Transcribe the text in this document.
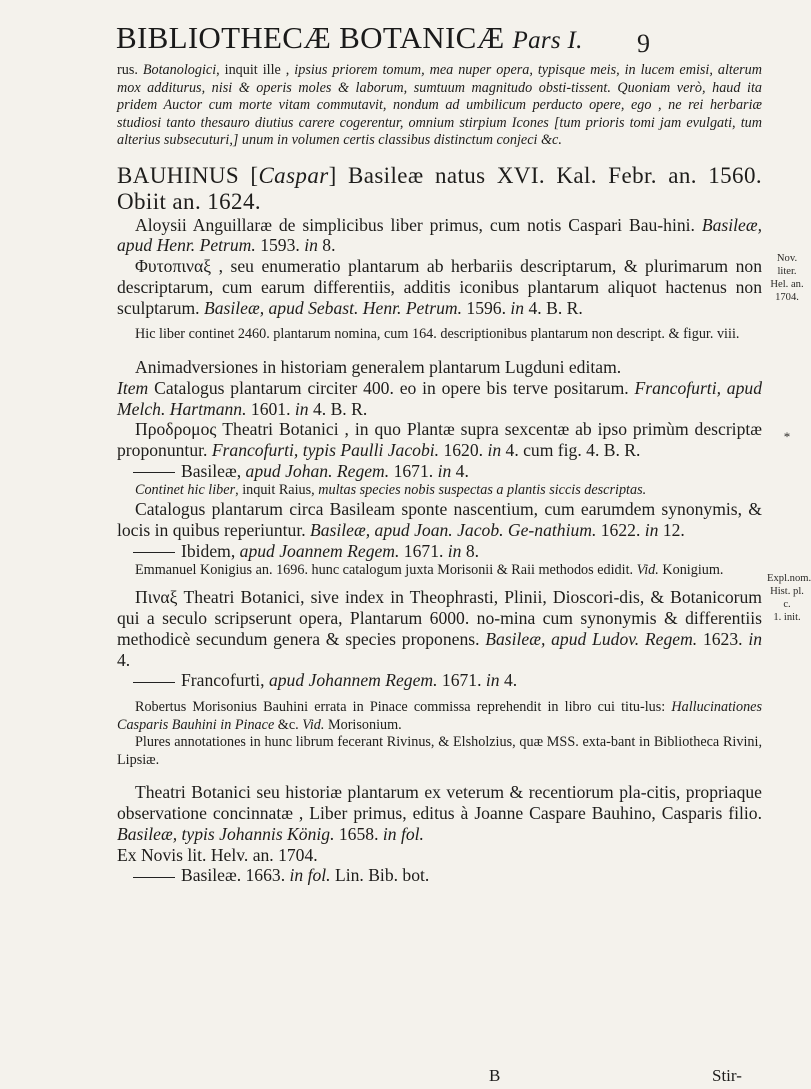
BIBLIOTHECÆ BOTANICÆ Pars I. 9

rus. Botanologici, inquit ille , ipsius priorem tomum, mea nuper opera, typisque meis, in lucem emisi, alterum mox additurus, nisi & operis moles & laborum, sumtuum magnitudo obsti-tissent. Quoniam verò, haud ita pridem Auctor cum morte vitam commutavit, nondum ad umbilicum perducto opere, ego , ne rei herbariæ studiosi tanto thesauro diutius carere cogerentur, omnium stirpium Icones [tum prioris tomi jam evulgati, tum alterius subsecuturi,] unum in volumen certis classibus distinctum conjeci &c.

BAUHINUS [Caspar] Basileæ natus XVI. Kal. Febr. an. 1560. Obiit an. 1624.

Aloysii Anguillaræ de simplicibus liber primus, cum notis Caspari Bau-hini. Basileæ, apud Henr. Petrum. 1593. in 8.

Φυτοπιναξ , seu enumeratio plantarum ab herbariis descriptarum, & plurimarum non descriptarum, cum earum differentiis, additis iconibus plantarum aliquot hactenus non sculptarum. Basileæ, apud Sebast. Henr. Petrum. 1596. in 4. B. R.

Hic liber continet 2460. plantarum nomina, cum 164. descriptionibus plantarum non descript. & figur. viii.

Animadversiones in historiam generalem plantarum Lugduni editam.

Item Catalogus plantarum circiter 400. eo in opere bis terve positarum. Francofurti, apud Melch. Hartmann. 1601. in 4. B. R.

Προδρομος Theatri Botanici , in quo Plantæ supra sexcentæ ab ipso primùm descriptæ proponuntur. Francofurti, typis Paulli Jacobi. 1620. in 4. cum fig. 4. B. R.

Basileæ, apud Johan. Regem. 1671. in 4.

Continet hic liber, inquit Raius, multas species nobis suspectas a plantis siccis descriptas.

Catalogus plantarum circa Basileam sponte nascentium, cum earumdem synonymis, & locis in quibus reperiuntur. Basileæ, apud Joan. Jacob. Ge-nathium. 1622. in 12.

Ibidem, apud Joannem Regem. 1671. in 8.

Emmanuel Konigius an. 1696. hunc catalogum juxta Morisonii & Raii methodos edidit. Vid. Konigium.

Πιναξ Theatri Botanici, sive index in Theophrasti, Plinii, Dioscori-dis, & Botanicorum qui a seculo scripserunt opera, Plantarum 6000. no-mina cum synonymis & differentiis methodicè secundum genera & species proponens. Basileæ, apud Ludov. Regem. 1623. in 4.

Francofurti, apud Johannem Regem. 1671. in 4.

Robertus Morisonius Bauhini errata in Pinace commissa reprehendit in libro cui titu-lus: Hallucinationes Casparis Bauhini in Pinace &c. Vid. Morisonium.

Plures annotationes in hunc librum fecerant Rivinus, & Elsholzius, quæ MSS. exta-bant in Bibliotheca Rivini, Lipsiæ.

Theatri Botanici seu historiæ plantarum ex veterum & recentiorum pla-citis, propriaque observatione concinnatæ , Liber primus, editus à Joanne Caspare Bauhino, Casparis filio. Basileæ, typis Johannis König. 1658. in fol.

Ex Novis lit. Helv. an. 1704.

Basileæ. 1663. in fol. Lin. Bib. bot.

Nov. liter.
Hel. an.
1704.
*
Expl.nom.
Hist. pl. c.
1. init.
B	Stir-
